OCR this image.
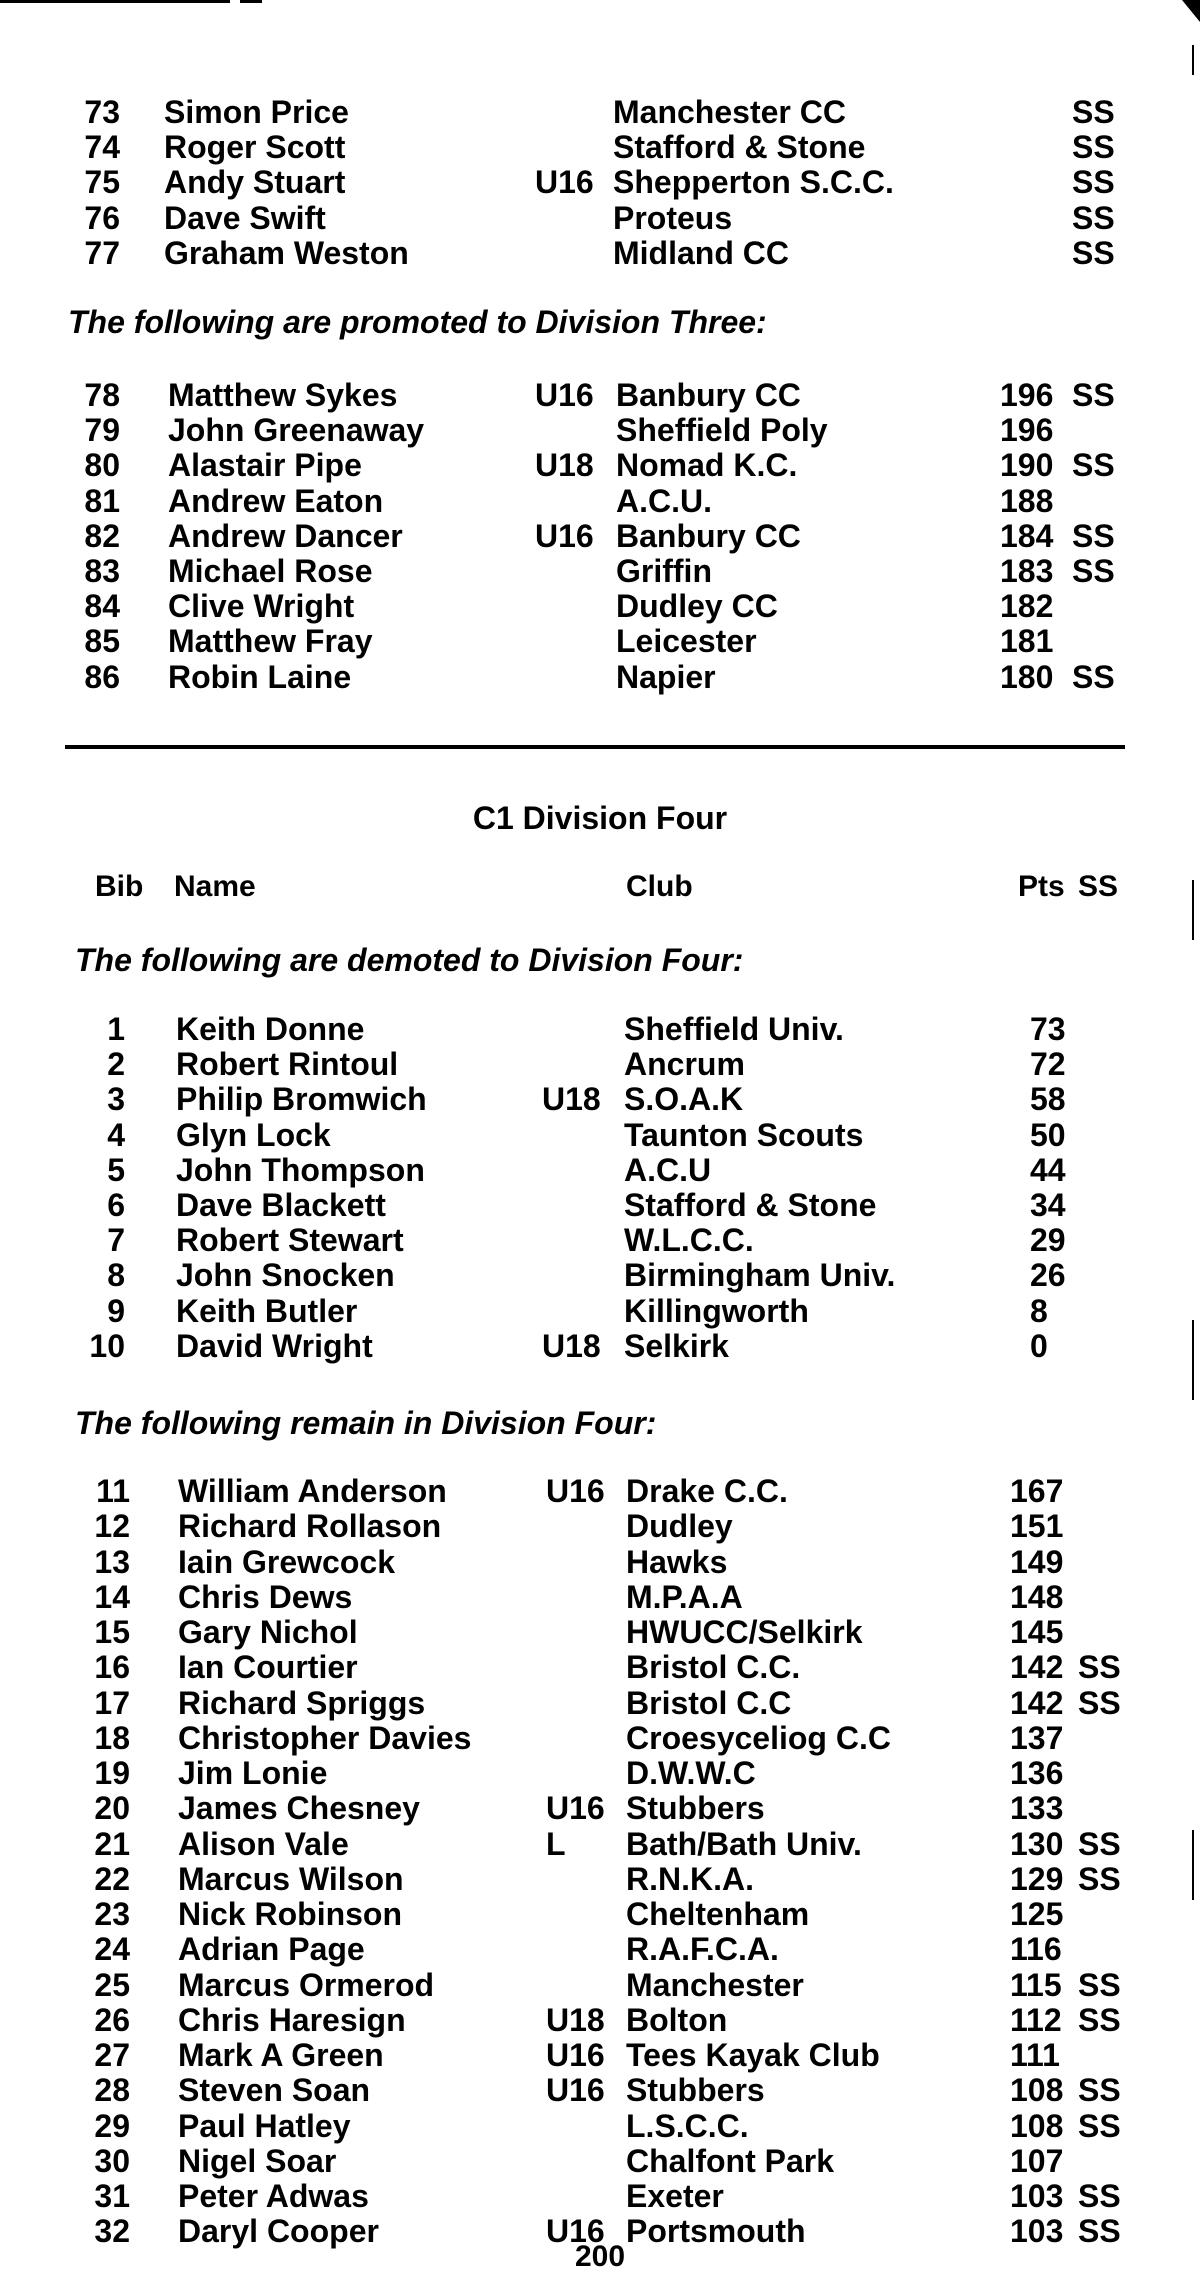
73 Simon Price	Manchester CC	SS
74 Roger Scott	Stafford & Stone	SS
75 Andy Stuart	U16 Shepperton S.C.C.	SS
76 Dave Swift	Proteus	SS
77 Graham Weston	Midland CC	SS
The following are promoted to Division Three:
78 Matthew Sykes	U16 Banbury CC	196 SS
79 John Greenaway	Sheffield Poly	196
80 Alastair Pipe	U18 Nomad K.C.	190 SS
81 Andrew Eaton	A.C.U.	188
82 Andrew Dancer	U16 Banbury CC	184 SS
83 Michael Rose	Griffin	183 SS
84 Clive Wright	Dudley CC	182
85 Matthew Fray	Leicester	181
86 Robin Laine	Napier	180 SS
C1 Division Four
Bib Name	Club	Pts SS
The following are demoted to Division Four:
1 Keith Donne	Sheffield Univ.	73
2 Robert Rintoul	Ancrum	72
3 Philip Bromwich	U18 S.O.A.K	58
4 Glyn Lock	Taunton Scouts	50
5 John Thompson	A.C.U	44
6 Dave Blackett	Stafford & Stone	34
7 Robert Stewart	W.L.C.C.	29
8 John Snocken	Birmingham Univ.	26
9 Keith Butler	Killingworth	8
10 David Wright	U18 Selkirk	0
The following remain in Division Four:
11 William Anderson	U16 Drake C.C.	167
12 Richard Rollason	Dudley	151
13 Iain Grewcock	Hawks	149
14 Chris Dews	M.P.A.A	148
15 Gary Nichol	HWUCC/Selkirk	145
16 Ian Courtier	Bristol C.C.	142 SS
17 Richard Spriggs	Bristol C.C	142 SS
18 Christopher Davies	Croesyceliog C.C	137
19 Jim Lonie	D.W.W.C	136
20 James Chesney	U16 Stubbers	133
21 Alison Vale	L Bath/Bath Univ.	130 SS
22 Marcus Wilson	R.N.K.A.	129 SS
23 Nick Robinson	Cheltenham	125
24 Adrian Page	R.A.F.C.A.	116
25 Marcus Ormerod	Manchester	115 SS
26 Chris Haresign	U18 Bolton	112 SS
27 Mark A Green	U16 Tees Kayak Club	111
28 Steven Soan	U16 Stubbers	108 SS
29 Paul Hatley	L.S.C.C.	108 SS
30 Nigel Soar	Chalfont Park	107
31 Peter Adwas	Exeter	103 SS
32 Daryl Cooper	U16 Portsmouth	103 SS
200
